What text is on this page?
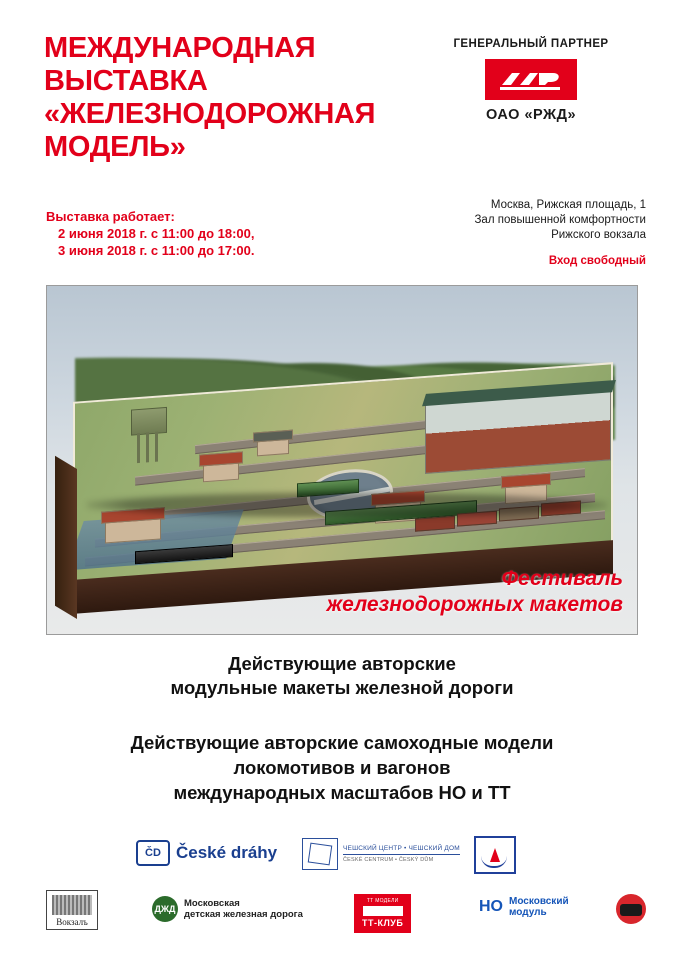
МЕЖДУНАРОДНАЯ
ВЫСТАВКА
«ЖЕЛЕЗНОДОРОЖНАЯ
МОДЕЛЬ»
Выставка работает:
2 июня 2018 г. с 11:00 до 18:00,
3 июня 2018 г. с 11:00 до 17:00.
ГЕНЕРАЛЬНЫЙ ПАРТНЕР
ОАО «РЖД»
Москва, Рижская площадь, 1
Зал повышенной комфортности
Рижского вокзала
Вход свободный
Фестиваль
железнодорожных макетов
Действующие авторские
модульные макеты железной дороги
Действующие авторские самоходные модели
локомотивов и вагонов
международных масштабов HO и TT
ČD České dráhy	ЧЕШСКИЙ ЦЕНТР • ЧЕШСКИЙ ДОМ
ČESKÉ CENTRUM • ČESKÝ DŮM
Вокзалъ
ДЖД Московская
детская железная дорога
ТТ МОДЕЛИ
ТТ-КЛУБ
HO Московский
модуль
